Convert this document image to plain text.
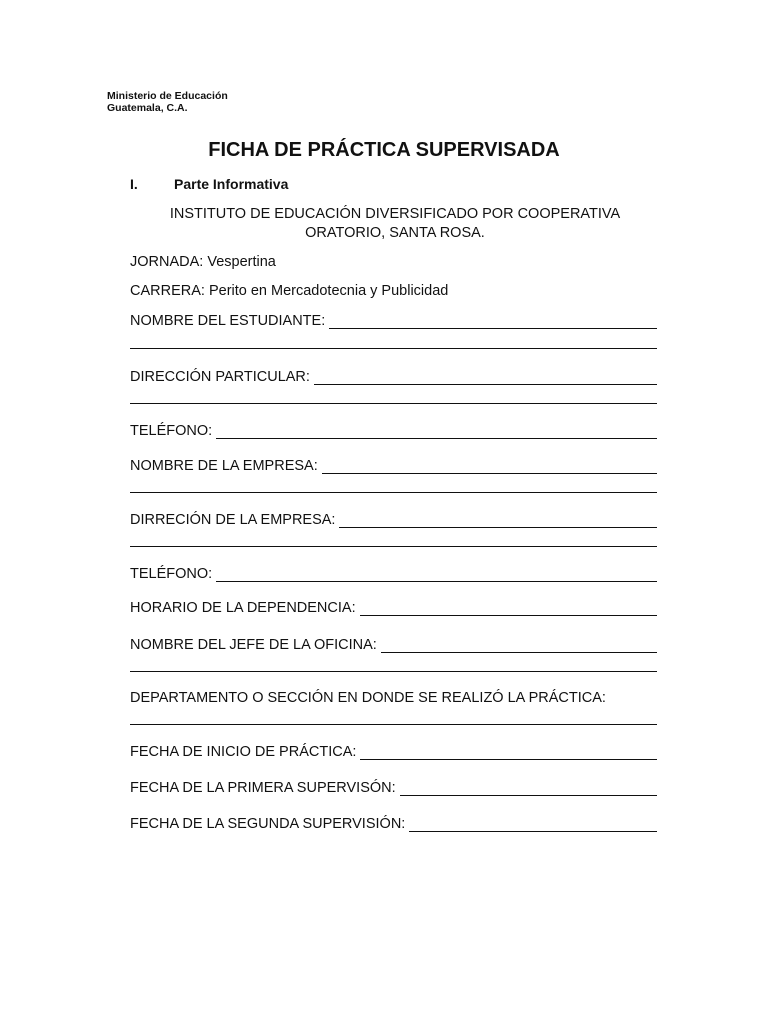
Ministerio de Educación
Guatemala, C.A.
FICHA DE PRÁCTICA SUPERVISADA
I.	Parte Informativa
INSTITUTO DE EDUCACIÓN DIVERSIFICADO POR COOPERATIVA
ORATORIO, SANTA ROSA.
JORNADA: Vespertina
CARRERA: Perito en Mercadotecnia y Publicidad
NOMBRE DEL ESTUDIANTE:
DIRECCIÓN PARTICULAR:
TELÉFONO:
NOMBRE DE LA EMPRESA:
DIRRECIÓN DE LA EMPRESA:
TELÉFONO:
HORARIO DE LA DEPENDENCIA:
NOMBRE DEL JEFE DE LA OFICINA:
DEPARTAMENTO O SECCIÓN EN DONDE SE REALIZÓ LA PRÁCTICA:
FECHA DE INICIO DE PRÁCTICA:
FECHA DE LA PRIMERA SUPERVISÓN:
FECHA DE LA SEGUNDA SUPERVISIÓN:
